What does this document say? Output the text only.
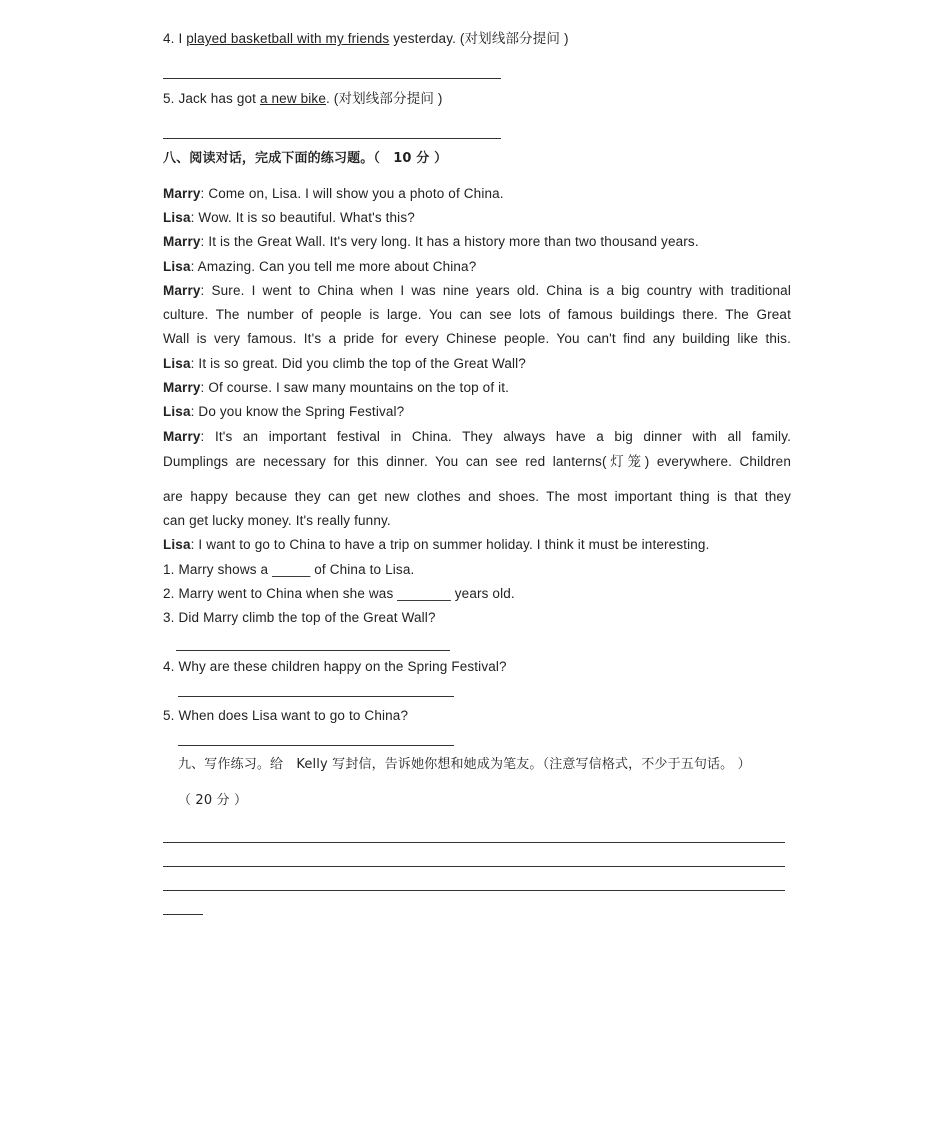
4. I played basketball with my friends yesterday. (对划线部分提问 )
5. Jack has got a new bike. (对划线部分提问 )
八、阅读对话，完成下面的练习题。（　10 分 ）
Marry: Come on, Lisa. I will show you a photo of China.
Lisa: Wow. It is so beautiful. What's this?
Marry: It is the Great Wall. It's very long. It has a history more than two thousand years.
Lisa: Amazing. Can you tell me more about China?
Marry: Sure. I went to China when I was nine years old. China is a big country with traditional
culture. The number of people is large. You can see lots of famous buildings there. The Great
Wall is very famous. It's a pride for every Chinese people. You can't find any building like this.
Lisa: It is so great. Did you climb the top of the Great Wall?
Marry: Of course. I saw many mountains on the top of it.
Lisa: Do you know the Spring Festival?
Marry: It's an important festival in China. They always have a big dinner with all family.
Dumplings are necessary for this dinner. You can see red lanterns(灯笼) everywhere. Children
are happy because they can get new clothes and shoes. The most important thing is that they
can get lucky money. It's really funny.
Lisa: I want to go to China to have a trip on summer holiday. I think it must be interesting.
1. Marry shows a _____ of China to Lisa.
2. Marry went to China when she was _______ years old.
3. Did Marry climb the top of the Great Wall?
4. Why are these children happy on the Spring Festival?
5. When does Lisa want to go to China?
九、写作练习。给　Kelly 写封信，告诉她你想和她成为笔友。（注意写信格式，不少于五句话。 ）
（ 20 分 ）
